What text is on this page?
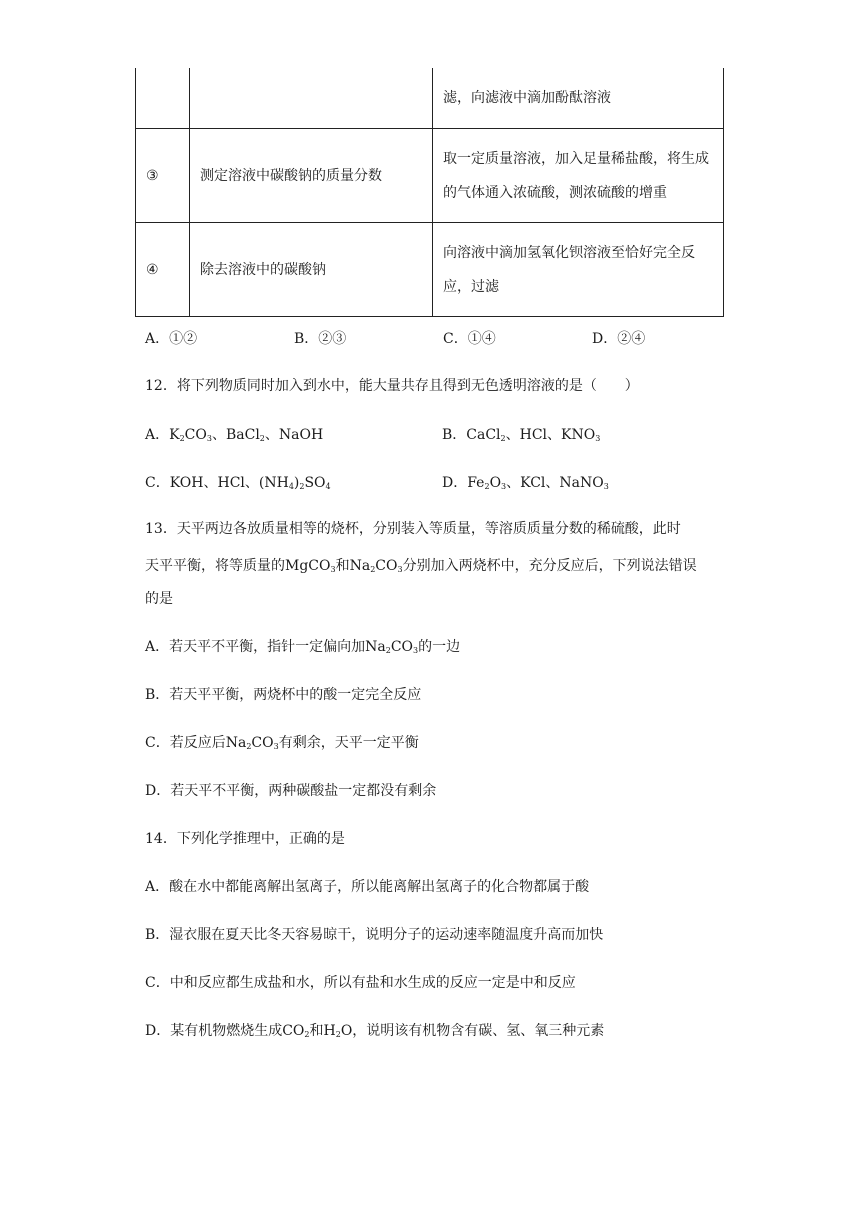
		滤，向滤液中滴加酚酞溶液
③	测定溶液中碳酸钠的质量分数	取一定质量溶液，加入足量稀盐酸，将生成的气体通入浓硫酸，测浓硫酸的增重
④	除去溶液中的碳酸钠	向溶液中滴加氢氧化钡溶液至恰好完全反应，过滤
A．①②	B．②③	C．①④	D．②④
12．将下列物质同时加入到水中，能大量共存且得到无色透明溶液的是（　　）
A．$K_2CO_3$、BaCl$_2$、NaOH	B．CaCl$_2$、HCl、$KNO_3$
C．KOH、HCl、$(NH_4)_2SO_4$	D．$Fe_2O_3$、KCl、NaNO$_3$
13．天平两边各放质量相等的烧杯，分别装入等质量，等溶质质量分数的稀硫酸，此时
天平平衡，将等质量的MgCO$_3$和$Na_2CO_3$分别加入两烧杯中，充分反应后，下列说法错误
的是
A．若天平不平衡，指针一定偏向加$Na_2CO_3$的一边
B．若天平平衡，两烧杯中的酸一定完全反应
C．若反应后$Na_2CO_3$有剩余，天平一定平衡
D．若天平不平衡，两种碳酸盐一定都没有剩余
14．下列化学推理中，正确的是
A．酸在水中都能离解出氢离子，所以能离解出氢离子的化合物都属于酸
B．湿衣服在夏天比冬天容易晾干，说明分子的运动速率随温度升高而加快
C．中和反应都生成盐和水，所以有盐和水生成的反应一定是中和反应
D．某有机物燃烧生成$CO_2$和$H_2O$，说明该有机物含有碳、氢、氧三种元素
